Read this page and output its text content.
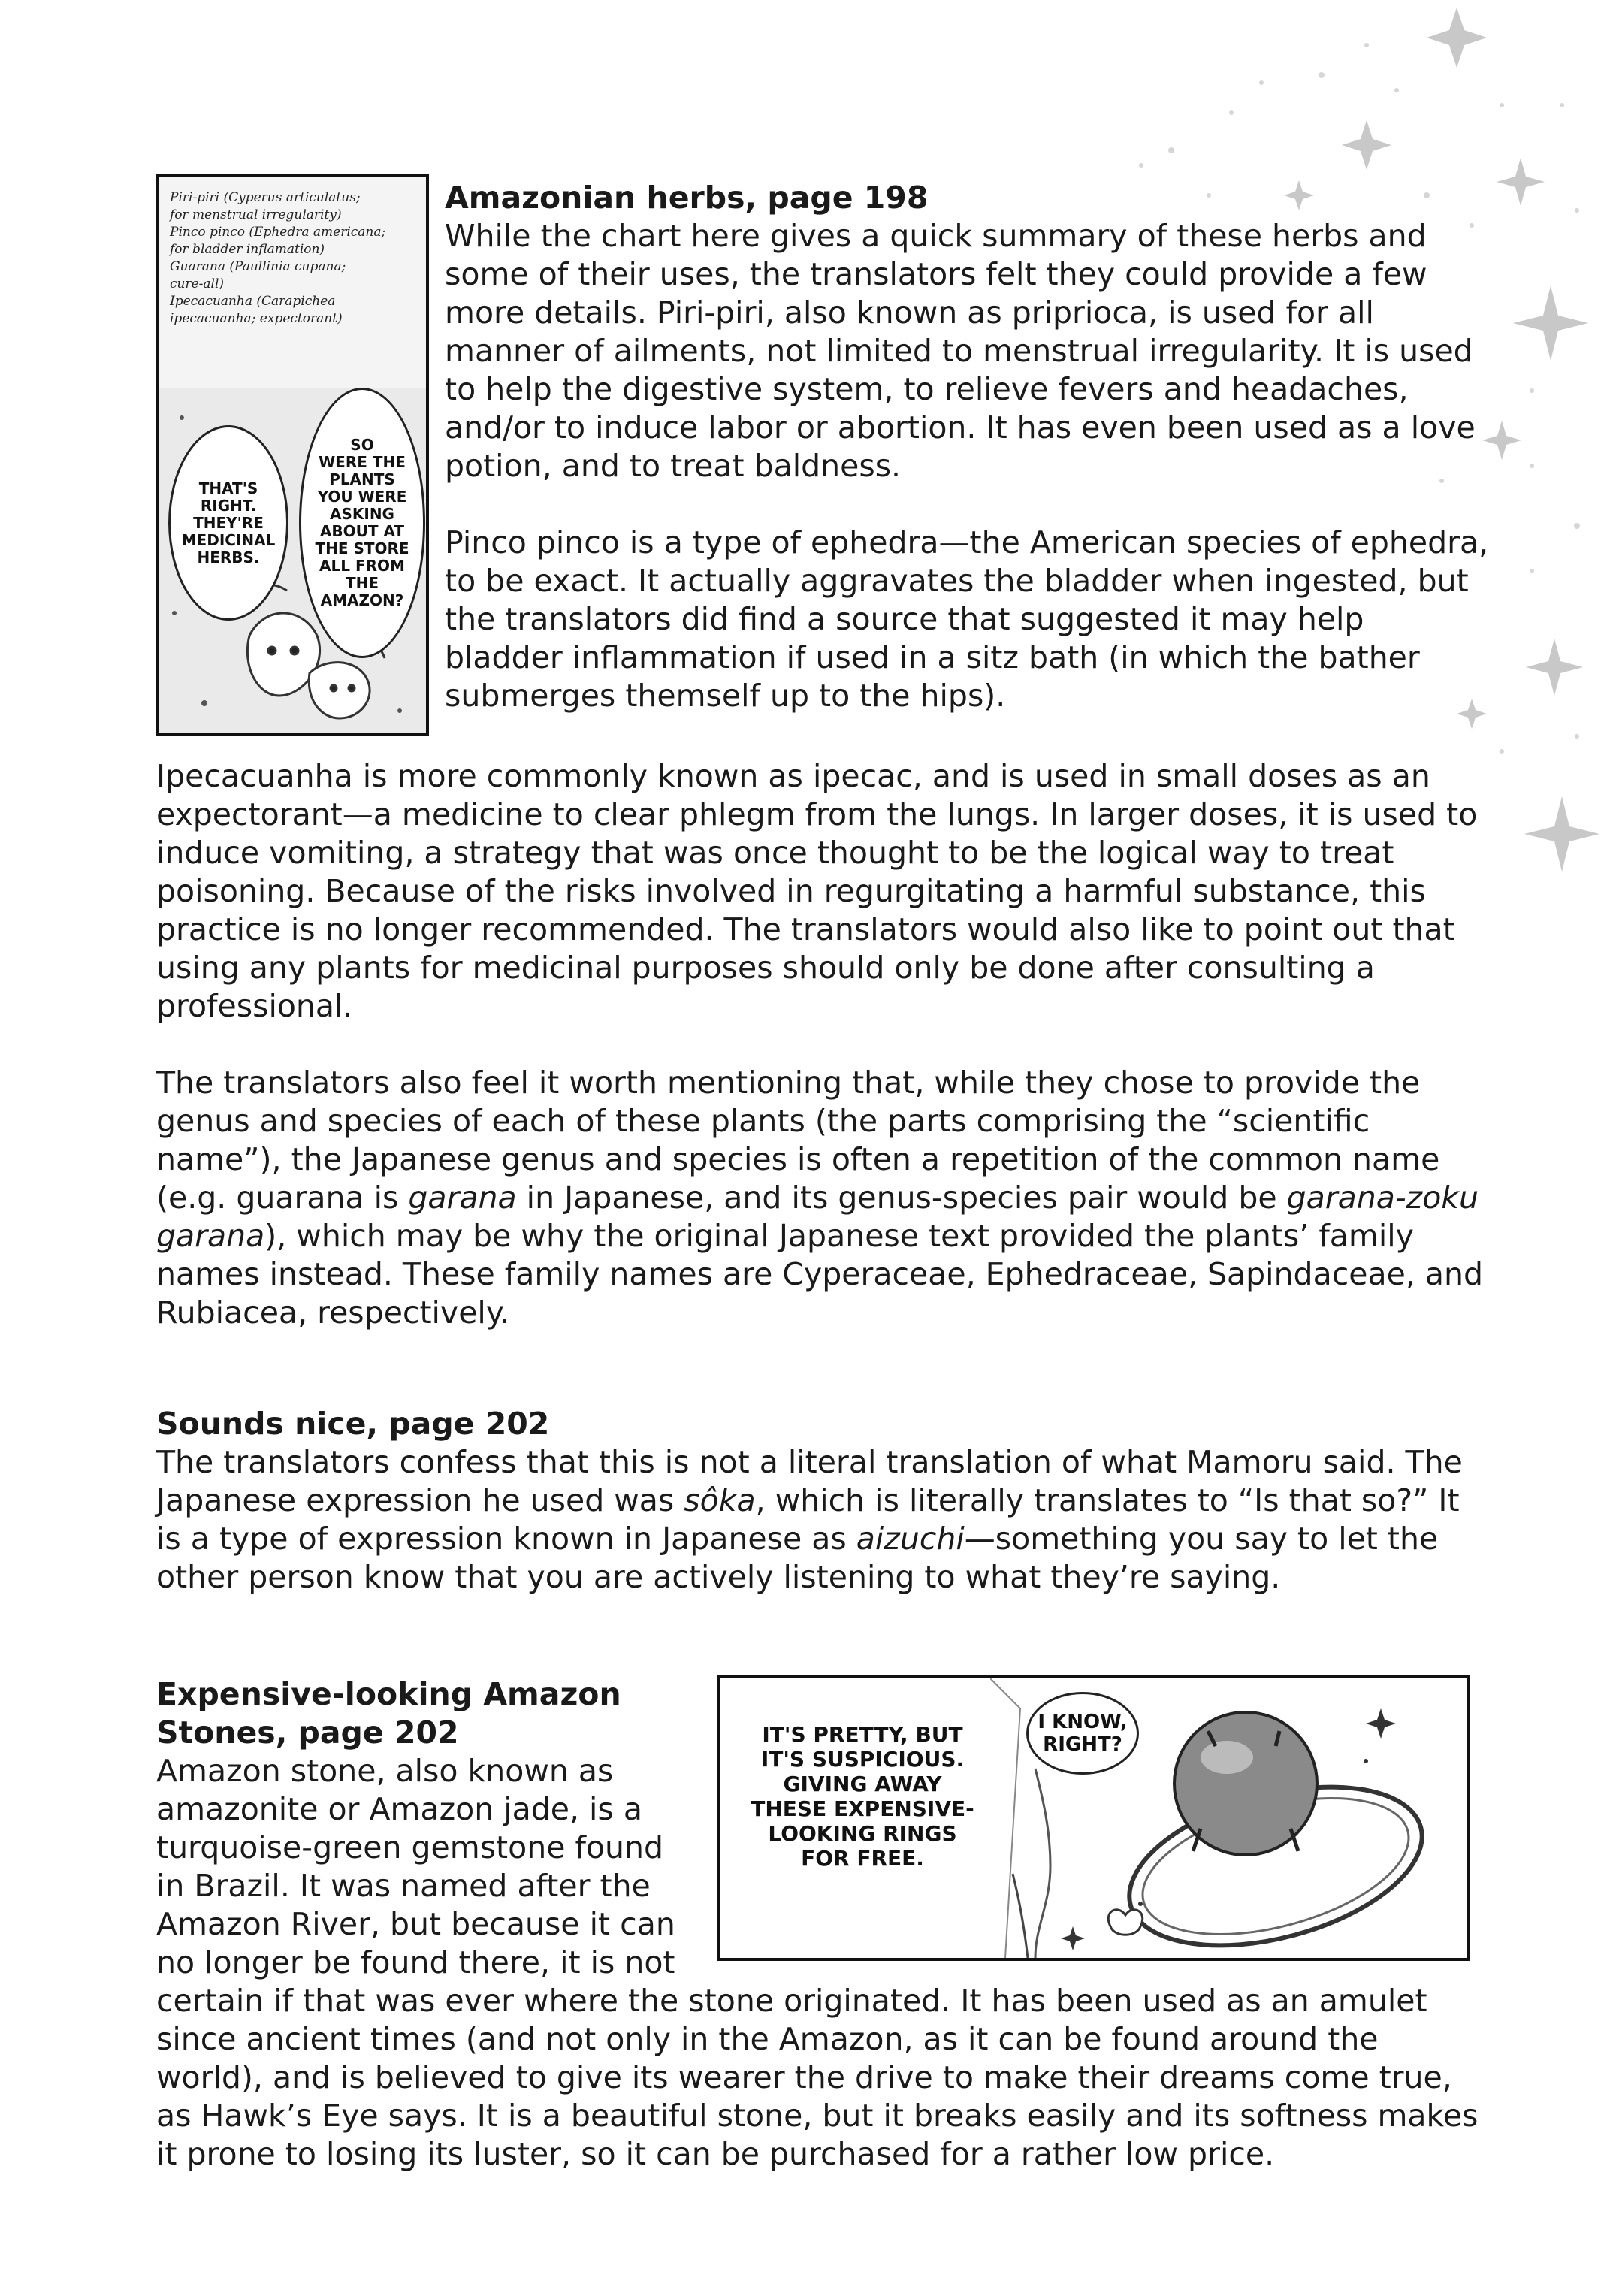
Piri-piri (Cyperus articulatus;
for menstrual irregularity)
Pinco pinco (Ephedra americana;
for bladder inflamation)
Guarana (Paullinia cupana;
cure-all)
Ipecacuanha (Carapichea
ipecacuanha; expectorant)
THAT'S
RIGHT.
THEY'RE
MEDICINAL
HERBS.
SO
WERE THE
PLANTS
YOU WERE
ASKING
ABOUT AT
THE STORE
ALL FROM
THE
AMAZON?

Amazonian herbs, page 198

While the chart here gives a quick summary of these herbs and some of their uses, the translators felt they could provide a few more details. Piri-piri, also known as priprioca, is used for all manner of ailments, not limited to menstrual irregularity. It is used to help the digestive system, to relieve fevers and headaches, and/or to induce labor or abortion. It has even been used as a love potion, and to treat baldness.

Pinco pinco is a type of ephedra—the American species of ephedra, to be exact. It actually aggravates the bladder when ingested, but the translators did find a source that suggested it may help bladder inflammation if used in a sitz bath (in which the bather submerges themself up to the hips).

Ipecacuanha is more commonly known as ipecac, and is used in small doses as an expectorant—a medicine to clear phlegm from the lungs. In larger doses, it is used to induce vomiting, a strategy that was once thought to be the logical way to treat poisoning. Because of the risks involved in regurgitating a harmful substance, this practice is no longer recommended. The translators would also like to point out that using any plants for medicinal purposes should only be done after consulting a professional.

The translators also feel it worth mentioning that, while they chose to provide the genus and species of each of these plants (the parts comprising the “scientific name”), the Japanese genus and species is often a repetition of the common name (e.g. guarana is garana in Japanese, and its genus-species pair would be garana-zoku garana), which may be why the original Japanese text provided the plants’ family names instead. These family names are Cyperaceae, Ephedraceae, Sapindaceae, and Rubiacea, respectively.

Sounds nice, page 202

The translators confess that this is not a literal translation of what Mamoru said. The Japanese expression he used was sôka, which is literally translates to “Is that so?” It is a type of expression known in Japanese as aizuchi—something you say to let the other person know that you are actively listening to what they’re saying.

Expensive-looking Amazon

Stones, page 202

Amazon stone, also known as amazonite or Amazon jade, is a turquoise-green gemstone found in Brazil. It was named after the Amazon River, but because it can no longer be found there, it is not

certain if that was ever where the stone originated. It has been used as an amulet since ancient times (and not only in the Amazon, as it can be found around the world), and is believed to give its wearer the drive to make their dreams come true, as Hawk’s Eye says. It is a beautiful stone, but it breaks easily and its softness makes it prone to losing its luster, so it can be purchased for a rather low price.

IT'S PRETTY, BUT
IT'S SUSPICIOUS.
GIVING AWAY
THESE EXPENSIVE-
LOOKING RINGS
FOR FREE.
I KNOW,
RIGHT?
